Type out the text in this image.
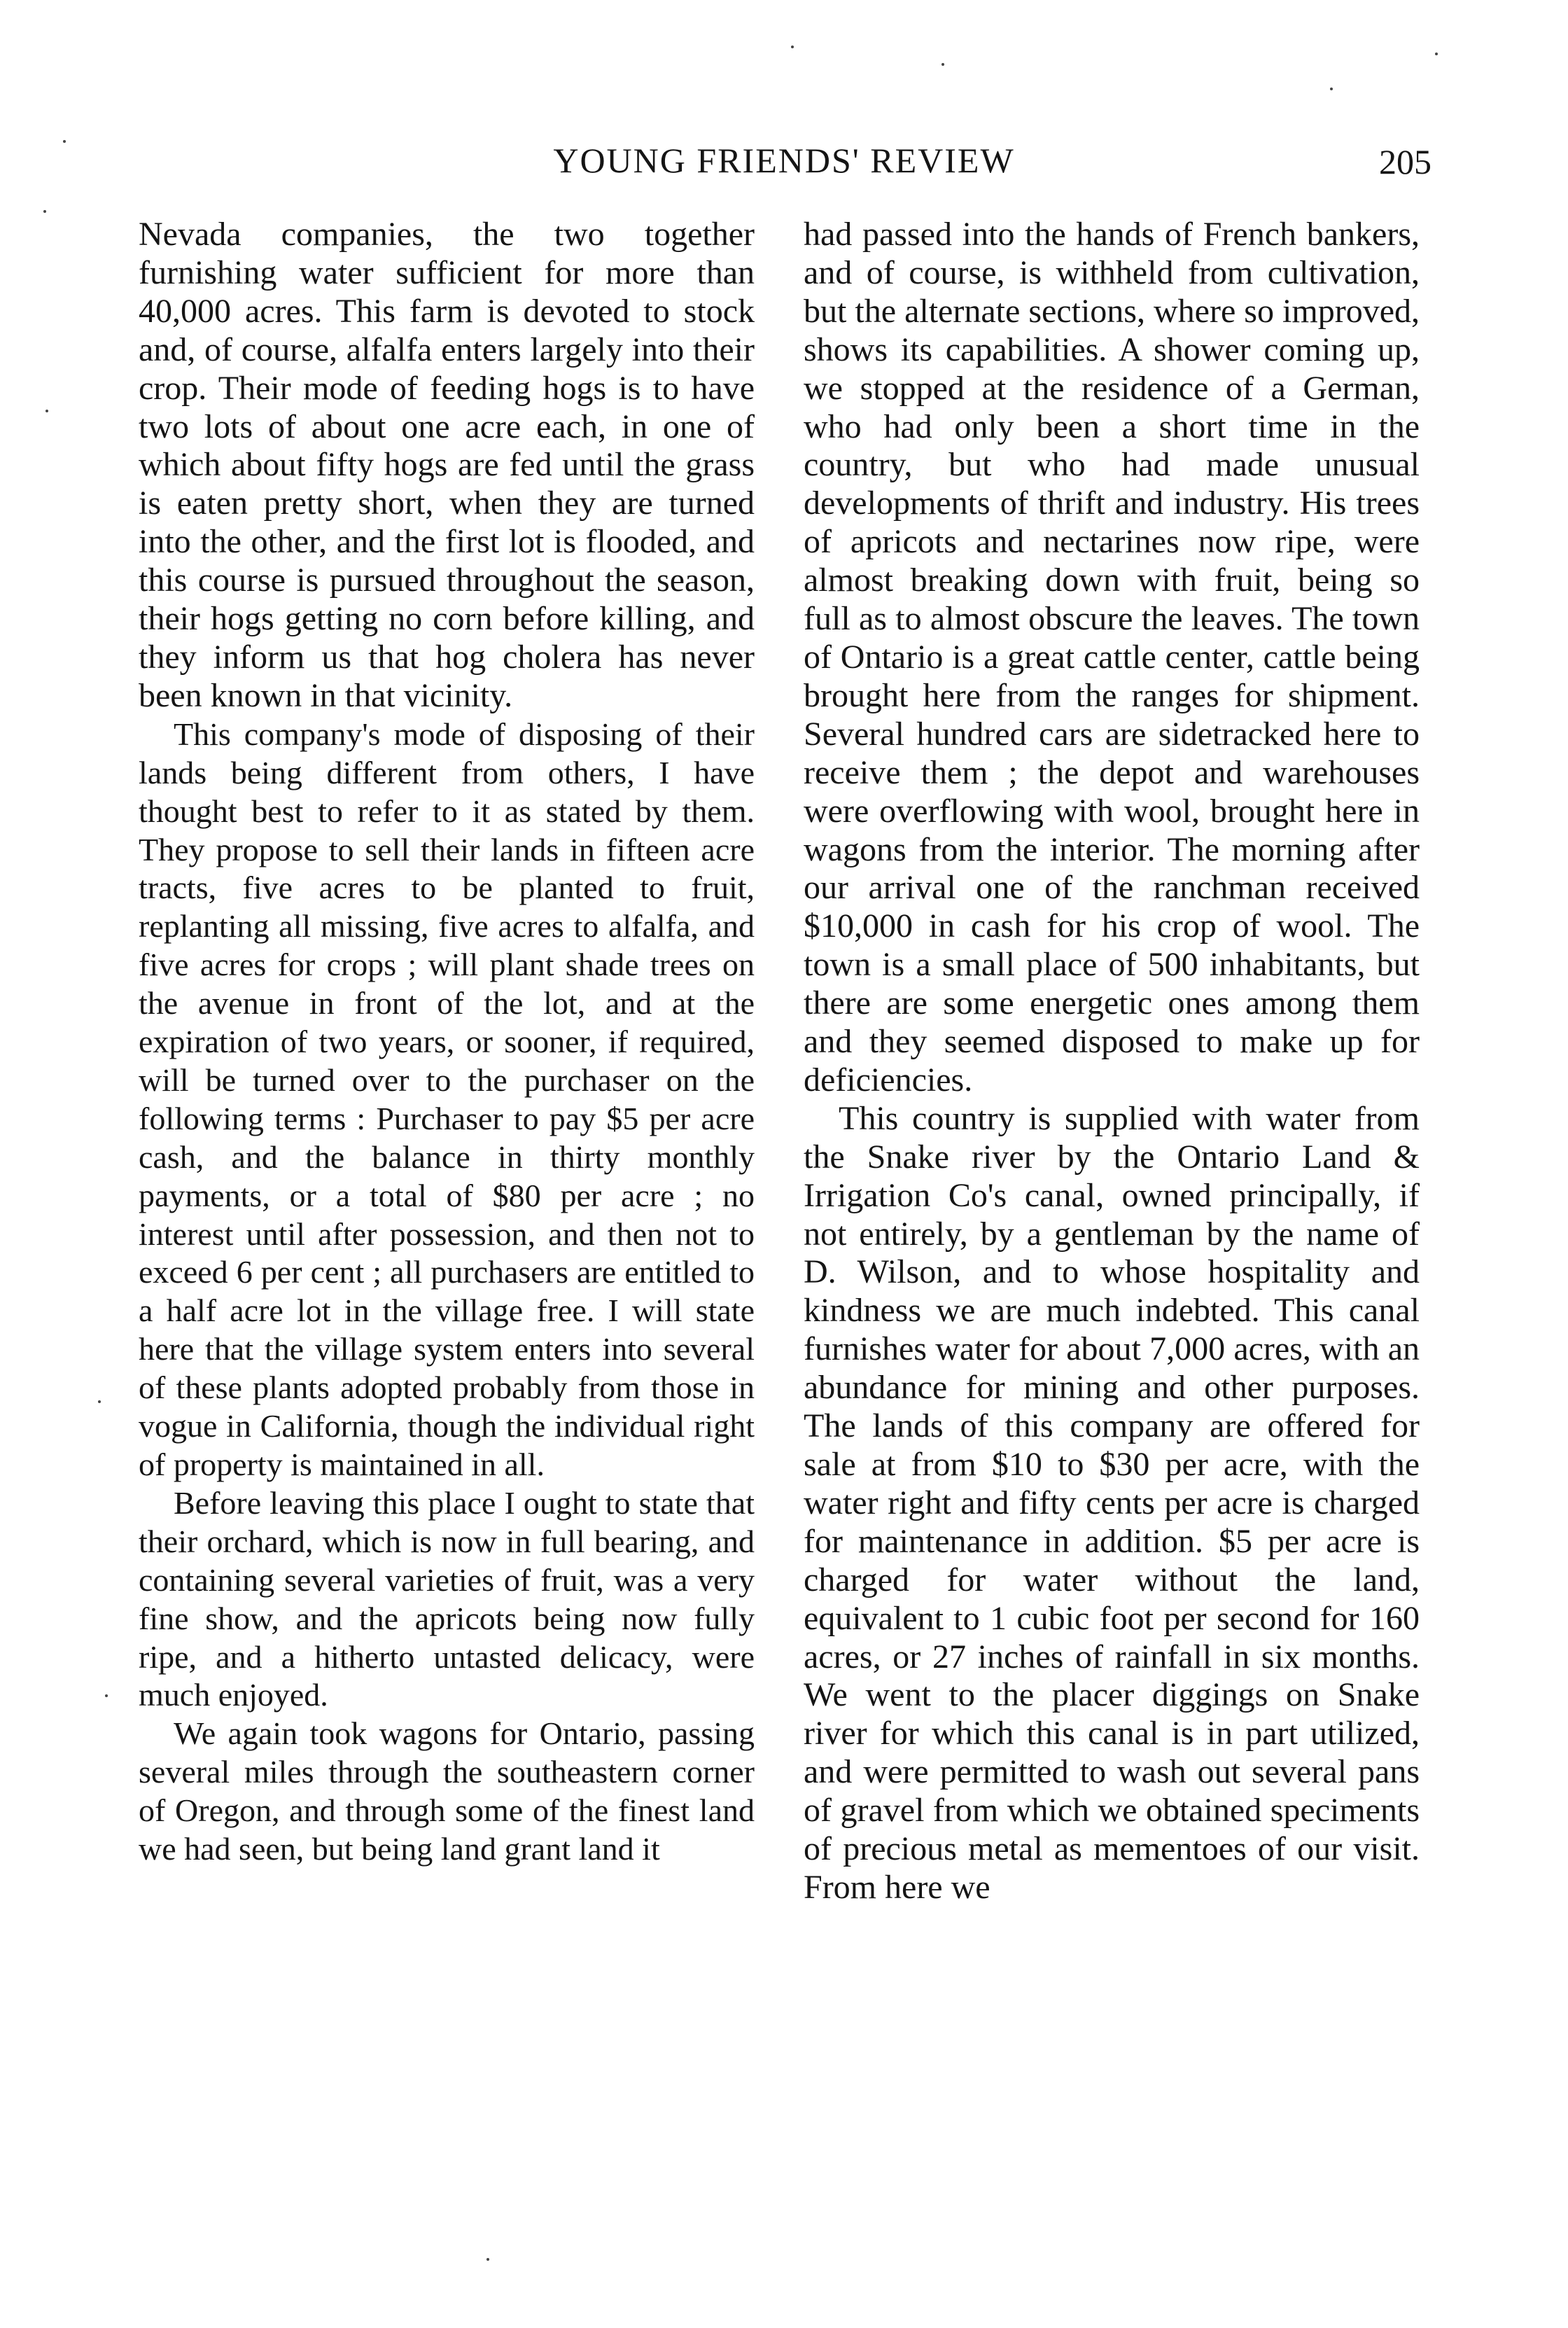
YOUNG FRIENDS' REVIEW	205

Nevada companies, the two together furnishing water sufficient for more than 40,000 acres. This farm is devoted to stock and, of course, alfalfa enters largely into their crop. Their mode of feeding hogs is to have two lots of about one acre each, in one of which about fifty hogs are fed until the grass is eaten pretty short, when they are turned into the other, and the first lot is flooded, and this course is pursued throughout the season, their hogs getting no corn before killing, and they inform us that hog cholera has never been known in that vicinity.

This company's mode of disposing of their lands being different from others, I have thought best to refer to it as stated by them. They propose to sell their lands in fifteen acre tracts, five acres to be planted to fruit, replanting all missing, five acres to alfalfa, and five acres for crops ; will plant shade trees on the avenue in front of the lot, and at the expiration of two years, or sooner, if required, will be turned over to the purchaser on the following terms : Purchaser to pay $5 per acre cash, and the balance in thirty monthly payments, or a total of $80 per acre ; no interest until after possession, and then not to exceed 6 per cent ; all purchasers are entitled to a half acre lot in the village free. I will state here that the village system enters into several of these plants adopted probably from those in vogue in California, though the individual right of property is maintained in all.

Before leaving this place I ought to state that their orchard, which is now in full bearing, and containing several varieties of fruit, was a very fine show, and the apricots being now fully ripe, and a hitherto untasted delicacy, were much enjoyed.

We again took wagons for Ontario, passing several miles through the southeastern corner of Oregon, and through some of the finest land we had seen, but being land grant land it

had passed into the hands of French bankers, and of course, is withheld from cultivation, but the alternate sections, where so improved, shows its capabilities. A shower coming up, we stopped at the residence of a German, who had only been a short time in the country, but who had made unusual developments of thrift and industry. His trees of apricots and nectarines now ripe, were almost breaking down with fruit, being so full as to almost obscure the leaves. The town of Ontario is a great cattle center, cattle being brought here from the ranges for shipment. Several hundred cars are sidetracked here to receive them ; the depot and warehouses were overflowing with wool, brought here in wagons from the interior. The morning after our arrival one of the ranchman received $10,000 in cash for his crop of wool. The town is a small place of 500 inhabitants, but there are some energetic ones among them and they seemed disposed to make up for deficiencies.

This country is supplied with water from the Snake river by the Ontario Land & Irrigation Co's canal, owned principally, if not entirely, by a gentleman by the name of D. Wilson, and to whose hospitality and kindness we are much indebted. This canal furnishes water for about 7,000 acres, with an abundance for mining and other purposes. The lands of this company are offered for sale at from $10 to $30 per acre, with the water right and fifty cents per acre is charged for maintenance in addition. $5 per acre is charged for water without the land, equivalent to 1 cubic foot per second for 160 acres, or 27 inches of rainfall in six months. We went to the placer diggings on Snake river for which this canal is in part utilized, and were permitted to wash out several pans of gravel from which we obtained speciments of precious metal as mementoes of our visit. From here we
